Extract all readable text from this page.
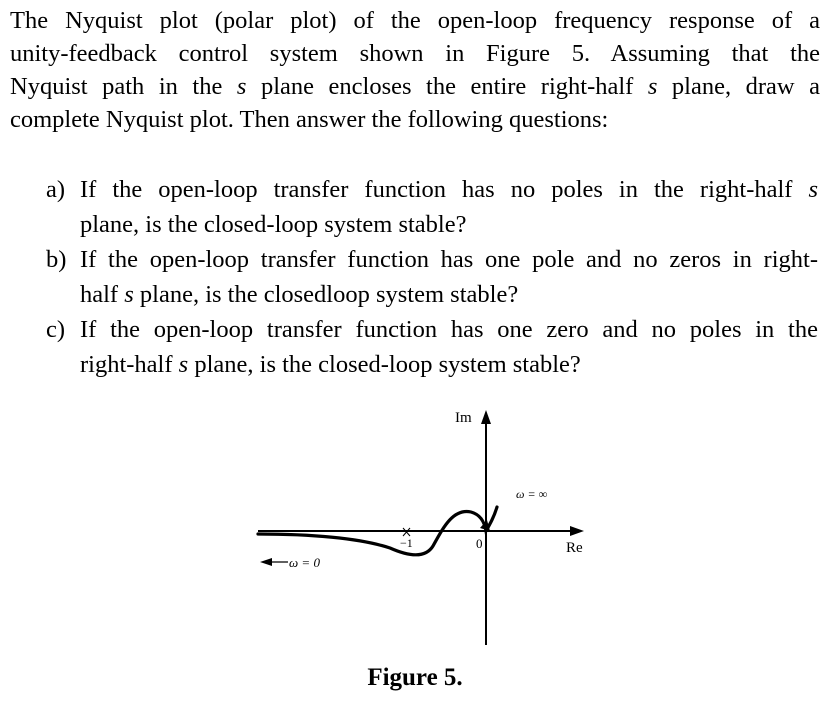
The Nyquist plot (polar plot) of the open-loop frequency response of a
unity-feedback control system shown in Figure 5. Assuming that the
Nyquist path in the s plane encloses the entire right-half s plane, draw a
complete Nyquist plot. Then answer the following questions:
a) If the open-loop transfer function has no poles in the right-half s
plane, is the closed-loop system stable?
b) If the open-loop transfer function has one pole and no zeros in right-
half s plane, is the closedloop system stable?
c) If the open-loop transfer function has one zero and no poles in the
right-half s plane, is the closed-loop system stable?
−1	0
Im
Re
ω = ∞
ω = 0
Figure 5.
